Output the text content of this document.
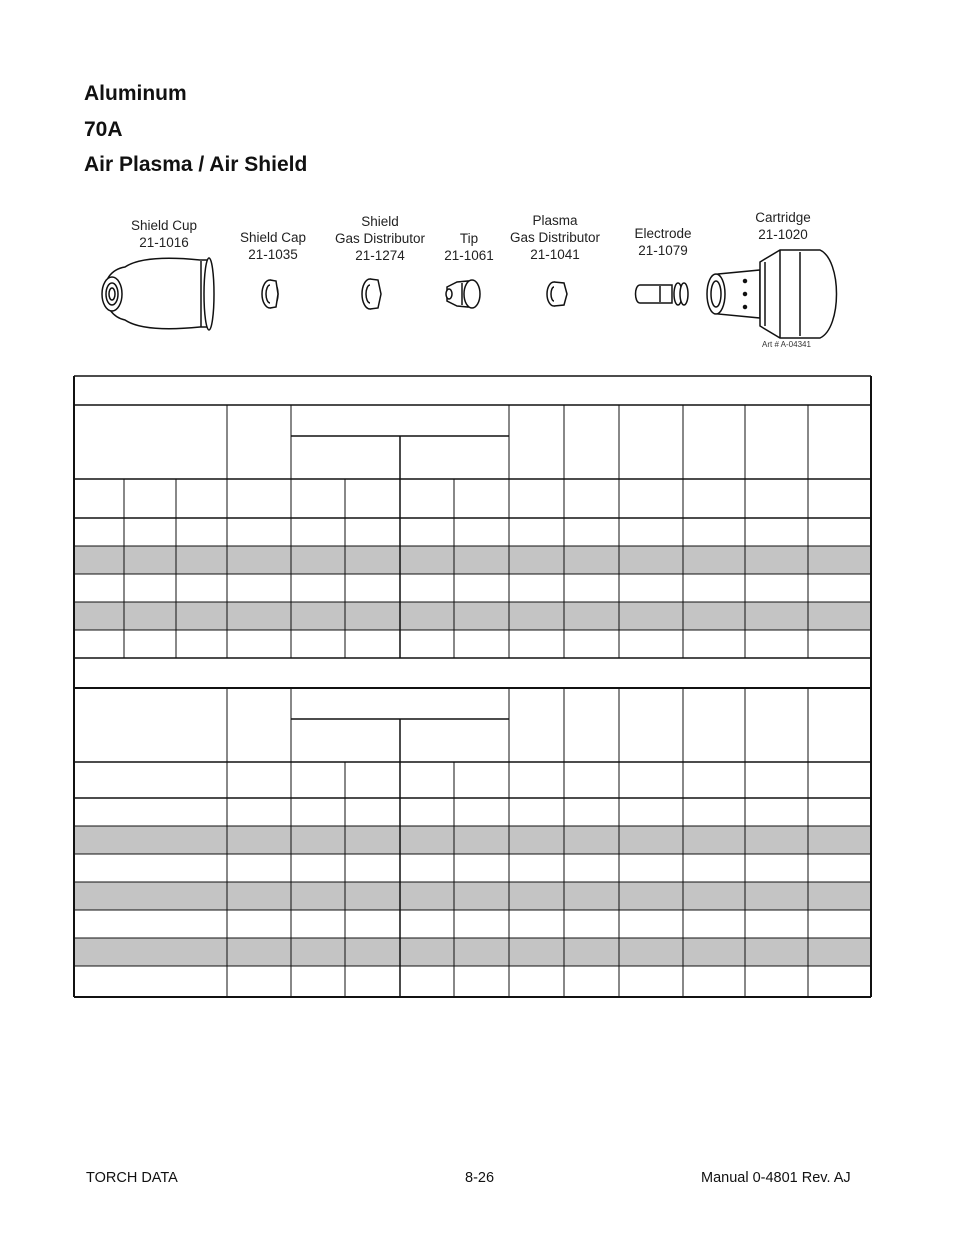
Aluminum
70A
Air Plasma / Air Shield
Shield Cup
21-1016	Shield Cap
21-1035
Shield
Gas Distributor
21-1274
Tip
21-1061
Plasma
Gas Distributor
21-1041
Electrode
21-1079
Cartridge
21-1020
Art # A-04341
TORCH DATA	8-26	Manual 0-4801 Rev. AJ
